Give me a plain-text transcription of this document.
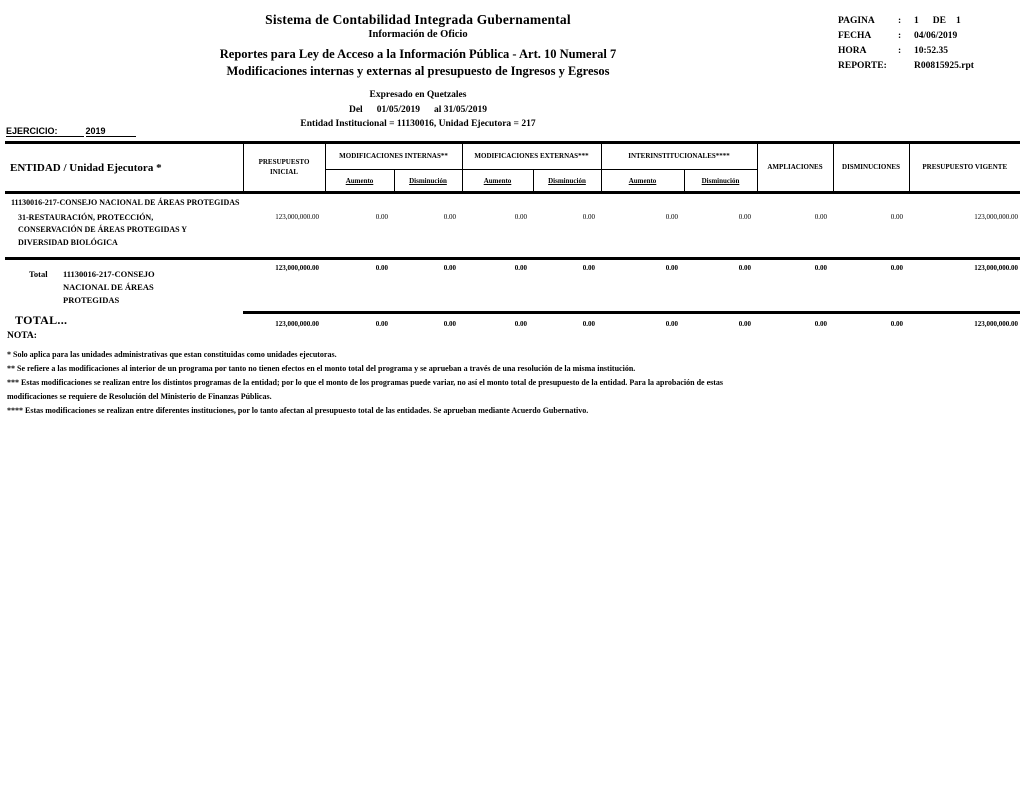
Sistema de Contabilidad Integrada Gubernamental
Información de Oficio
Reportes para Ley de Acceso a la Información Pública - Art. 10 Numeral 7
Modificaciones internas y externas al presupuesto de Ingresos y Egresos
Expresado en Quetzales
Del 01/05/2019 al 31/05/2019
Entidad Institucional = 11130016, Unidad Ejecutora = 217
PAGINA	:	1 DE 1
FECHA	:	04/06/2019
HORA	:	10:52.35
REPORTE:	R00815925.rpt
EJERCICIO:	2019
ENTIDAD / Unidad Ejecutora *	PRESUPUESTO INICIAL	MODIFICACIONES INTERNAS**		MODIFICACIONES EXTERNAS***		INTERINSTITUCIONALES****		AMPLIACIONES	DISMINUCIONES	PRESUPUESTO VIGENTE
		Aumento	Disminución	Aumento	Disminución	Aumento	Disminución			
11130016-217-CONSEJO NACIONAL DE ÁREAS PROTEGIDAS										

31-RESTAURACIÓN, PROTECCIÓN, CONSERVACIÓN DE ÁREAS PROTEGIDAS Y DIVERSIDAD BIOLÓGICA	123,000,000.00	0.00	0.00	0.00	0.00	0.00	0.00	0.00	0.00	123,000,000.00

Total 11130016-217-CONSEJO NACIONAL DE ÁREAS PROTEGIDAS	123,000,000.00	0.00	0.00	0.00	0.00	0.00	0.00	0.00	0.00	123,000,000.00
TOTAL...	123,000,000.00	0.00	0.00	0.00	0.00	0.00	0.00	0.00	0.00	123,000,000.00
NOTA:
* Solo aplica para las unidades administrativas que estan constituidas como unidades ejecutoras.
** Se refiere a las modificaciones al interior de un programa por tanto no tienen efectos en el monto total del programa y se aprueban a través de una resolución de la misma institución.
*** Estas modificaciones se realizan entre los distintos programas de la entidad; por lo que el monto de los programas puede variar, no así el monto total de presupuesto de la entidad. Para la aprobación de estas
modificaciones se requiere de Resolución del Ministerio de Finanzas Públicas.
**** Estas modificaciones se realizan entre diferentes instituciones, por lo tanto afectan al presupuesto total de las entidades. Se aprueban mediante Acuerdo Gubernativo.
